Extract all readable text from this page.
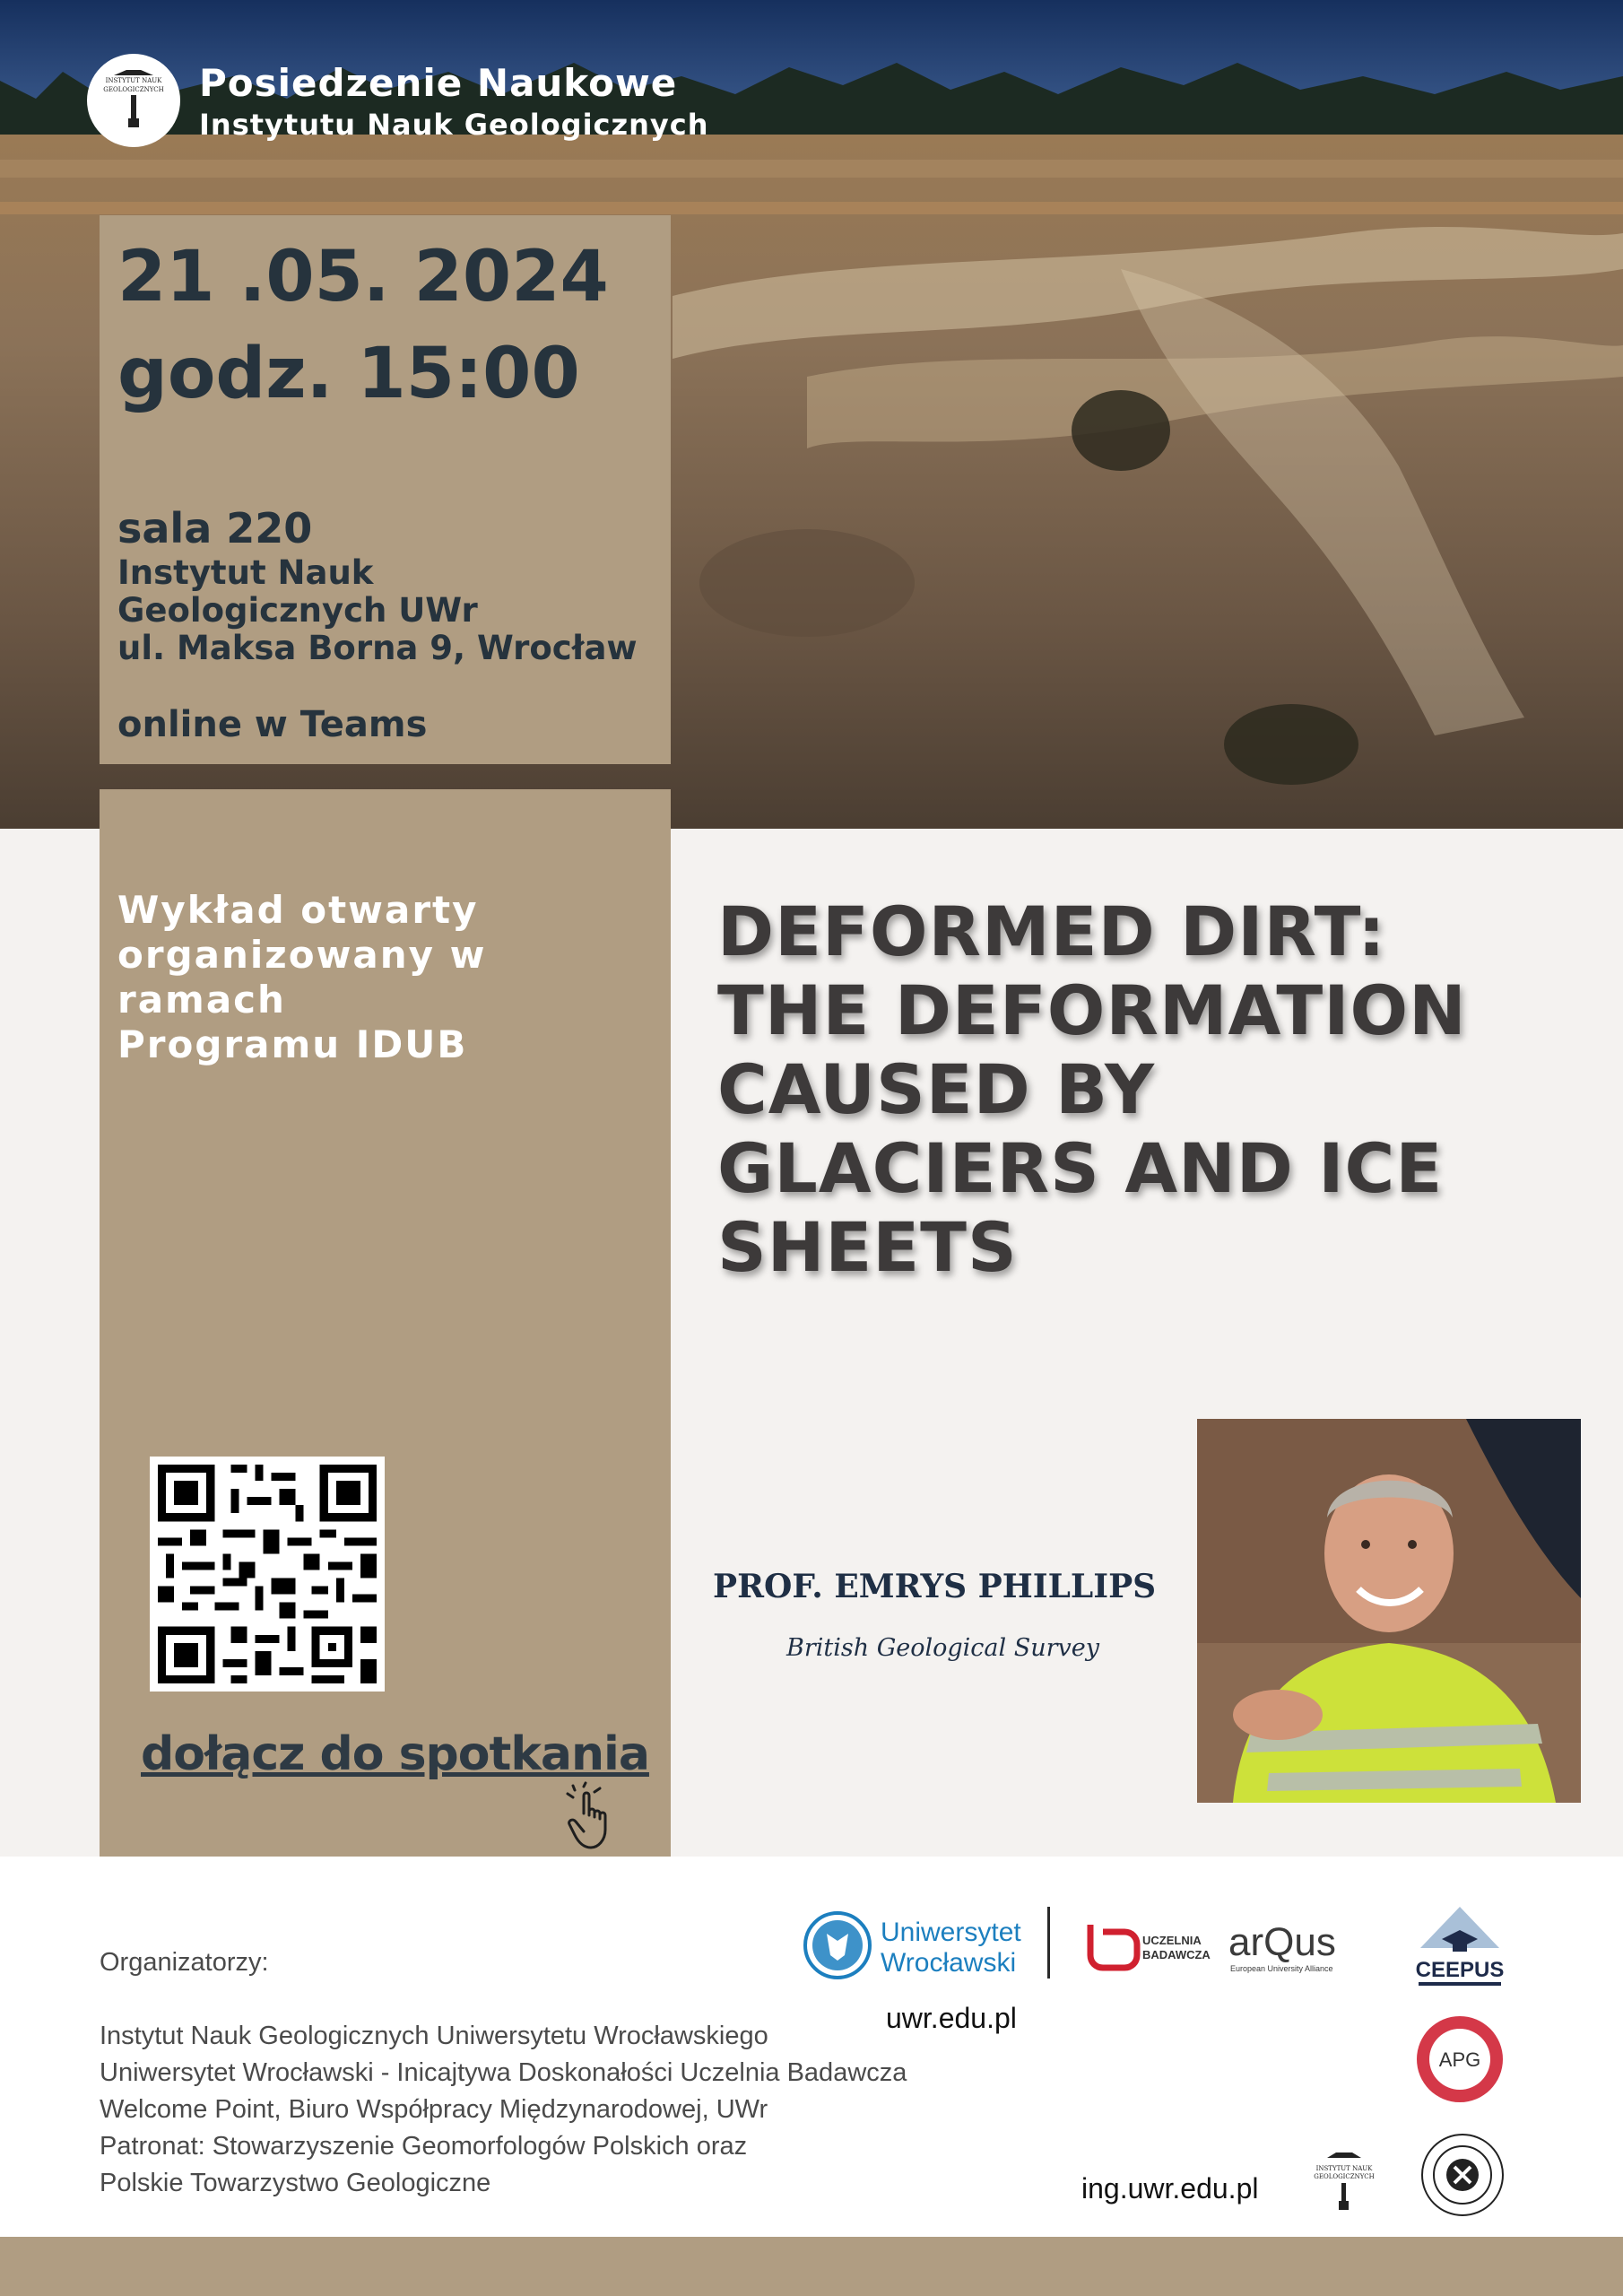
INSTYTUT NAUK
GEOLOGICZNYCH Posiedzenie Naukowe
Instytutu Nauk Geologicznych
21 .05. 2024
godz. 15:00
sala 220
Instytut Nauk
Geologicznych UWr
ul. Maksa Borna 9, Wrocław
online w Teams
Wykład otwarty
organizowany w ramach
Programu IDUB
dołącz do spotkania
DEFORMED DIRT:
THE DEFORMATION
CAUSED BY
GLACIERS AND ICE
SHEETS
PROF. EMRYS PHILLIPS
British Geological Survey
Organizatorzy:
Instytut Nauk Geologicznych Uniwersytetu Wrocławskiego
Uniwersytet Wrocławski - Inicajtywa Doskonałości Uczelnia Badawcza
Welcome Point, Biuro Współpracy Międzynarodowej, UWr
Patronat: Stowarzyszenie Geomorfologów Polskich oraz
Polskie Towarzystwo Geologiczne
Uniwersytet
Wrocławski
UCZELNIA
BADAWCZA arQus
European University Alliance	CEEPUS
uwr.edu.pl
APG
ing.uwr.edu.pl
INSTYTUT NAUK
GEOLOGICZNYCH
